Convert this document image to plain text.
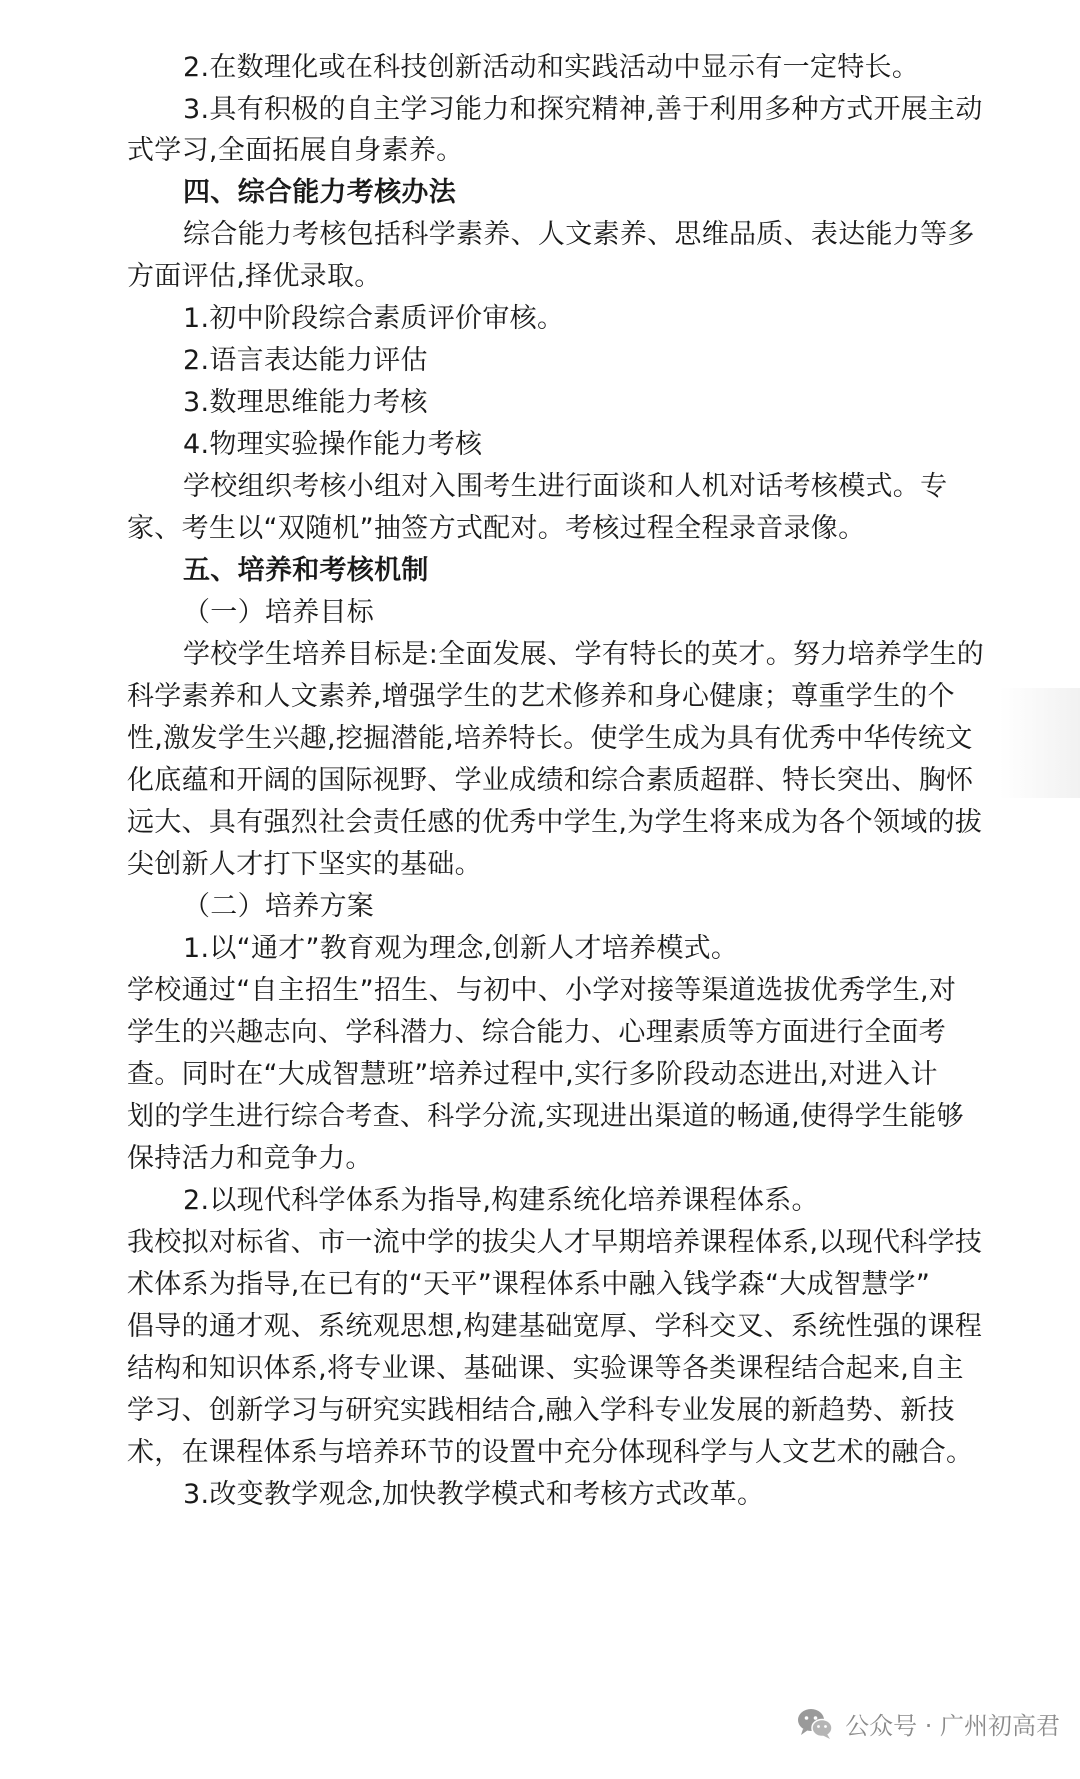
2.在数理化或在科技创新活动和实践活动中显示有一定特长。
3.具有积极的自主学习能力和探究精神,善于利用多种方式开展主动
式学习,全面拓展自身素养。
四、综合能力考核办法
综合能力考核包括科学素养、人文素养、思维品质、表达能力等多
方面评估,择优录取。
1.初中阶段综合素质评价审核。
2.语言表达能力评估
3.数理思维能力考核
4.物理实验操作能力考核
学校组织考核小组对入围考生进行面谈和人机对话考核模式。专
家、考生以“双随机”抽签方式配对。考核过程全程录音录像。
五、培养和考核机制
（一）培养目标
学校学生培养目标是:全面发展、学有特长的英才。努力培养学生的
科学素养和人文素养,增强学生的艺术修养和身心健康；尊重学生的个
性,激发学生兴趣,挖掘潜能,培养特长。使学生成为具有优秀中华传统文
化底蕴和开阔的国际视野、学业成绩和综合素质超群、特长突出、胸怀
远大、具有强烈社会责任感的优秀中学生,为学生将来成为各个领域的拔
尖创新人才打下坚实的基础。
（二）培养方案
1.以“通才”教育观为理念,创新人才培养模式。
学校通过“自主招生”招生、与初中、小学对接等渠道选拔优秀学生,对
学生的兴趣志向、学科潜力、综合能力、心理素质等方面进行全面考
查。同时在“大成智慧班”培养过程中,实行多阶段动态进出,对进入计
划的学生进行综合考查、科学分流,实现进出渠道的畅通,使得学生能够
保持活力和竞争力。
2.以现代科学体系为指导,构建系统化培养课程体系。
我校拟对标省、市一流中学的拔尖人才早期培养课程体系,以现代科学技
术体系为指导,在已有的“天平”课程体系中融入钱学森“大成智慧学”
倡导的通才观、系统观思想,构建基础宽厚、学科交叉、系统性强的课程
结构和知识体系,将专业课、基础课、实验课等各类课程结合起来,自主
学习、创新学习与研究实践相结合,融入学科专业发展的新趋势、新技
术，在课程体系与培养环节的设置中充分体现科学与人文艺术的融合。
3.改变教学观念,加快教学模式和考核方式改革。
公众号 · 广州初高君
